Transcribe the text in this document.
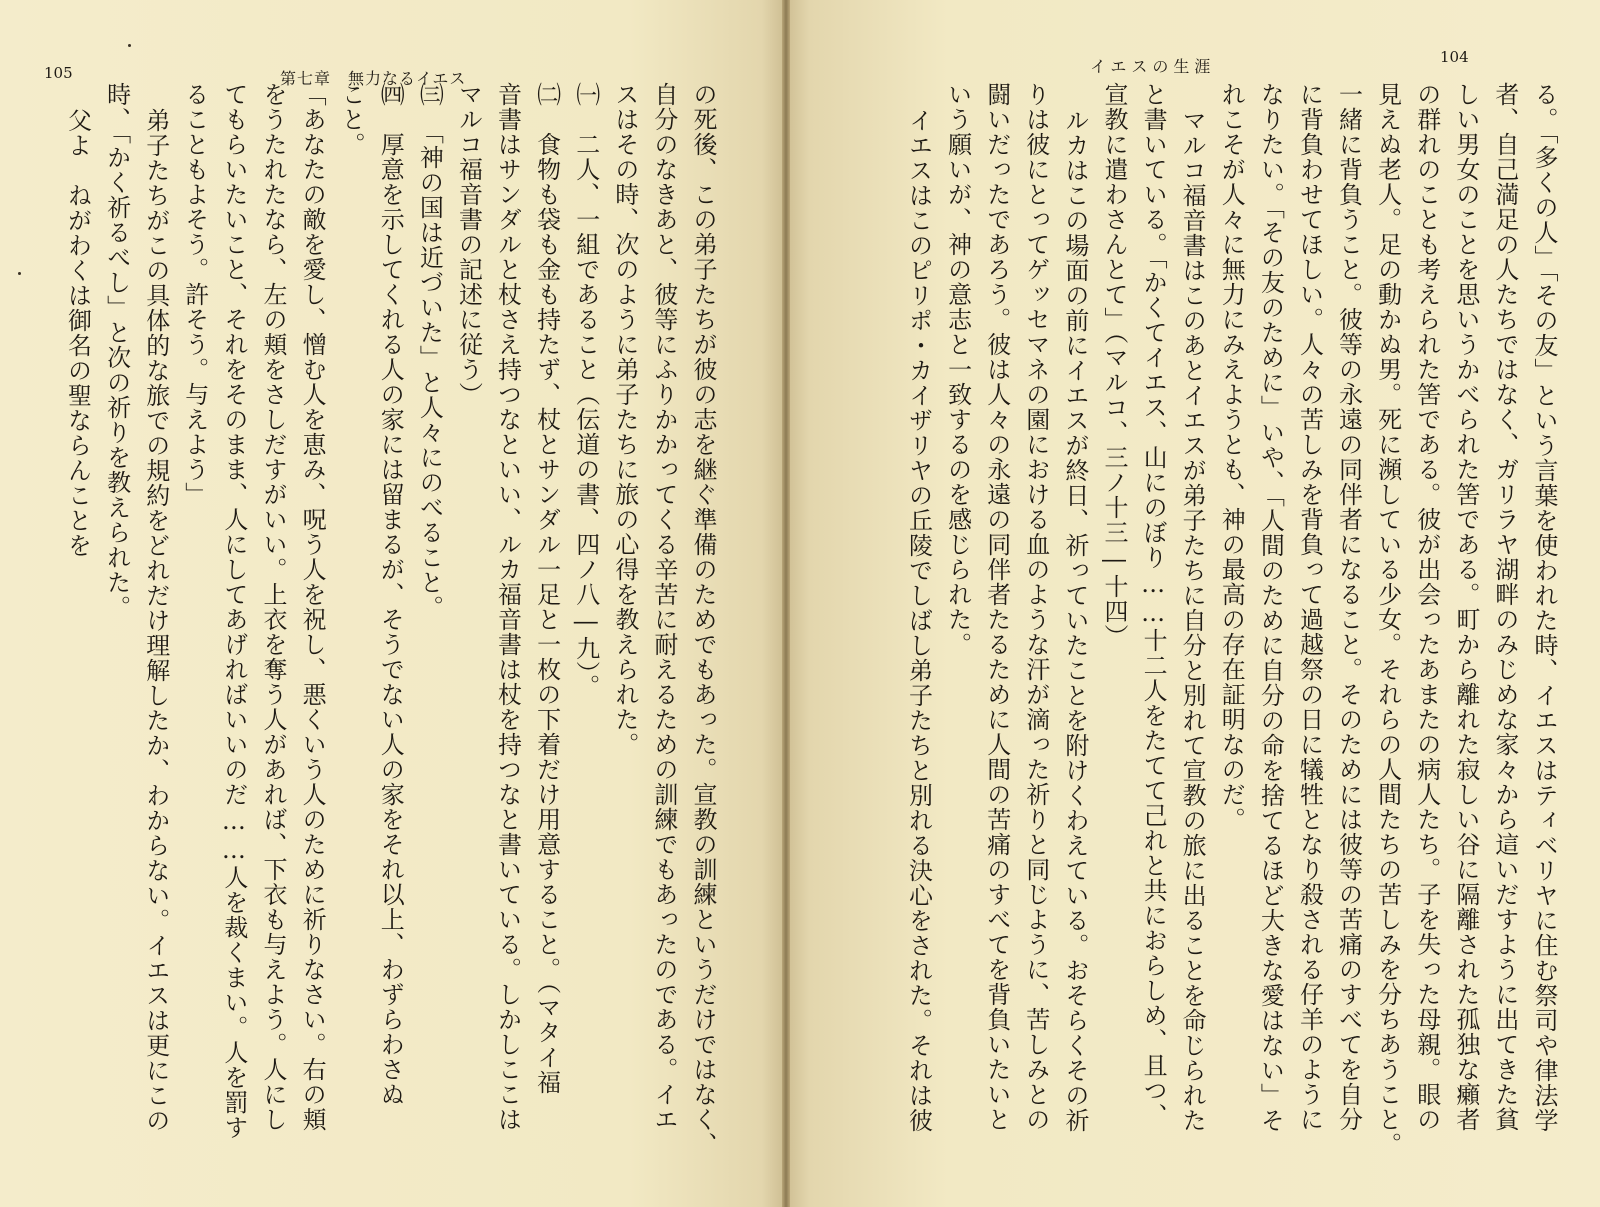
105	第七章　無力なるイエス
の死後、この弟子たちが彼の志を継ぐ準備のためでもあった。宣教の訓練というだけではなく、
自分のなきあと、彼等にふりかかってくる辛苦に耐えるための訓練でもあったのである。イエ
スはその時、次のように弟子たちに旅の心得を教えられた。
㈠　二人、一組であること（伝道の書、四ノ八―九）。
㈡　食物も袋も金も持たず、杖とサンダル一足と一枚の下着だけ用意すること。（マタイ福
音書はサンダルと杖さえ持つなといい、ルカ福音書は杖を持つなと書いている。しかしここは
マルコ福音書の記述に従う）
㈢　「神の国は近づいた」と人々にのべること。
㈣　厚意を示してくれる人の家には留まるが、そうでない人の家をそれ以上、わずらわさぬ
こと。
「あなたの敵を愛し、憎む人を恵み、呪う人を祝し、悪くいう人のために祈りなさい。右の頬
をうたれたなら、左の頬をさしだすがいい。上衣を奪う人があれば、下衣も与えよう。人にし
てもらいたいこと、それをそのまま、人にしてあげればいいのだ……人を裁くまい。人を罰す
ることもよそう。許そう。与えよう」
弟子たちがこの具体的な旅での規約をどれだけ理解したか、わからない。イエスは更にこの
時、「かく祈るべし」と次の祈りを教えられた。
父よ　ねがわくは御名の聖ならんことを
イエスの生涯	104
る。「多くの人」「その友」という言葉を使われた時、イエスはティベリヤに住む祭司や律法学
者、自己満足の人たちではなく、ガリラヤ湖畔のみじめな家々から這いだすように出てきた貧
しい男女のことを思いうかべられた筈である。町から離れた寂しい谷に隔離された孤独な癩者
の群れのことも考えられた筈である。彼が出会ったあまたの病人たち。子を失った母親。眼の
見えぬ老人。足の動かぬ男。死に瀕している少女。それらの人間たちの苦しみを分ちあうこと。
一緒に背負うこと。彼等の永遠の同伴者になること。そのためには彼等の苦痛のすべてを自分
に背負わせてほしい。人々の苦しみを背負って過越祭の日に犠牲となり殺される仔羊のように
なりたい。「その友のために」いや、「人間のために自分の命を捨てるほど大きな愛はない」そ
れこそが人々に無力にみえようとも、神の最高の存在証明なのだ。
マルコ福音書はこのあとイエスが弟子たちに自分と別れて宣教の旅に出ることを命じられた
と書いている。「かくてイエス、山にのぼり……十二人をたてて己れと共におらしめ、且つ、
宣教に遣わさんとて」（マルコ、三ノ十三―十四）
ルカはこの場面の前にイエスが終日、祈っていたことを附けくわえている。おそらくその祈
りは彼にとってゲッセマネの園における血のような汗が滴った祈りと同じように、苦しみとの
闘いだったであろう。彼は人々の永遠の同伴者たるために人間の苦痛のすべてを背負いたいと
いう願いが、神の意志と一致するのを感じられた。
イエスはこのピリポ・カイザリヤの丘陵でしばし弟子たちと別れる決心をされた。それは彼
